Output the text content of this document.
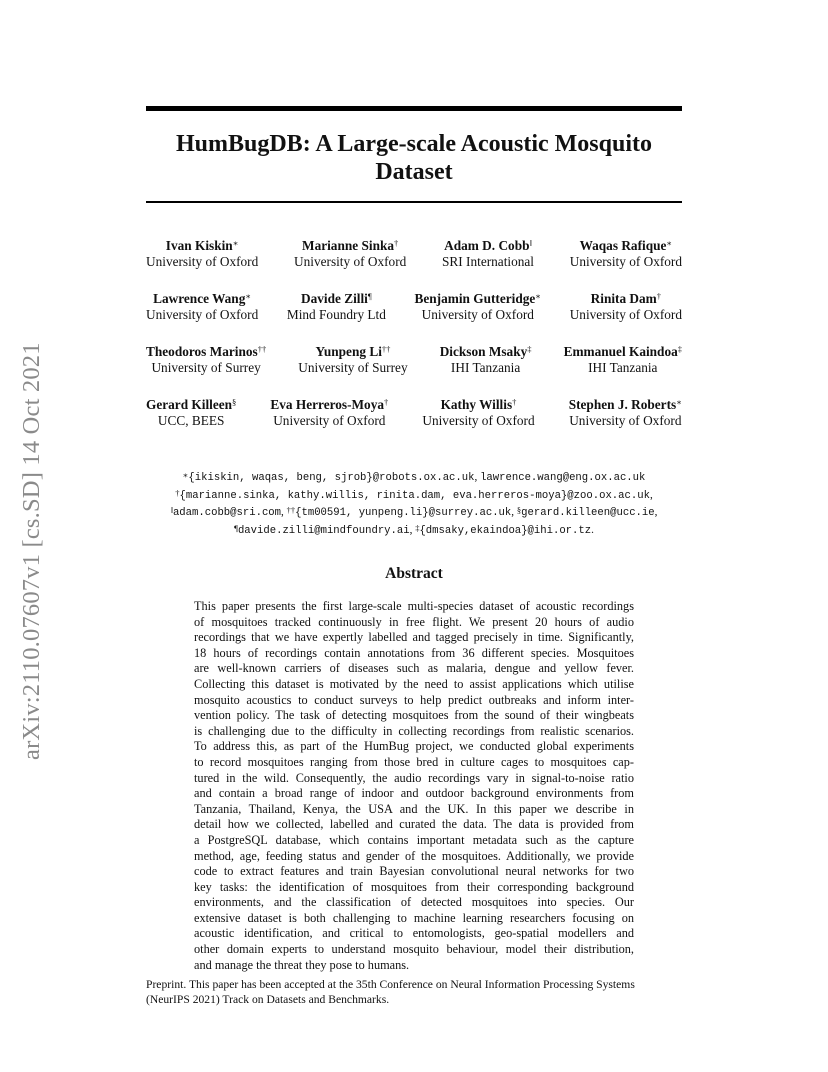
arXiv:2110.07607v1 [cs.SD] 14 Oct 2021
HumBugDB: A Large-scale Acoustic Mosquito Dataset
Ivan Kiskin∗
University of Oxford
Marianne Sinka†
University of Oxford
Adam D. Cobb‖
SRI International
Waqas Rafique∗
University of Oxford
Lawrence Wang∗
University of Oxford
Davide Zilli¶
Mind Foundry Ltd
Benjamin Gutteridge∗
University of Oxford
Rinita Dam†
University of Oxford
Theodoros Marinos††
University of Surrey
Yunpeng Li††
University of Surrey
Dickson Msaky‡
IHI Tanzania
Emmanuel Kaindoa‡
IHI Tanzania
Gerard Killeen§
UCC, BEES
Eva Herreros-Moya†
University of Oxford
Kathy Willis†
University of Oxford
Stephen J. Roberts∗
University of Oxford
∗{ikiskin, waqas, beng, sjrob}@robots.ox.ac.uk, lawrence.wang@eng.ox.ac.uk
†{marianne.sinka, kathy.willis, rinita.dam, eva.herreros-moya}@zoo.ox.ac.uk,
‖adam.cobb@sri.com, ††{tm00591, yunpeng.li}@surrey.ac.uk, §gerard.killeen@ucc.ie,
¶davide.zilli@mindfoundry.ai, ‡{dmsaky,ekaindoa}@ihi.or.tz.
Abstract
This paper presents the first large-scale multi-species dataset of acoustic recordings
of mosquitoes tracked continuously in free flight. We present 20 hours of audio
recordings that we have expertly labelled and tagged precisely in time. Significantly,
18 hours of recordings contain annotations from 36 different species. Mosquitoes
are well-known carriers of diseases such as malaria, dengue and yellow fever.
Collecting this dataset is motivated by the need to assist applications which utilise
mosquito acoustics to conduct surveys to help predict outbreaks and inform inter-
vention policy. The task of detecting mosquitoes from the sound of their wingbeats
is challenging due to the difficulty in collecting recordings from realistic scenarios.
To address this, as part of the HumBug project, we conducted global experiments
to record mosquitoes ranging from those bred in culture cages to mosquitoes cap-
tured in the wild. Consequently, the audio recordings vary in signal-to-noise ratio
and contain a broad range of indoor and outdoor background environments from
Tanzania, Thailand, Kenya, the USA and the UK. In this paper we describe in
detail how we collected, labelled and curated the data. The data is provided from
a PostgreSQL database, which contains important metadata such as the capture
method, age, feeding status and gender of the mosquitoes. Additionally, we provide
code to extract features and train Bayesian convolutional neural networks for two
key tasks: the identification of mosquitoes from their corresponding background
environments, and the classification of detected mosquitoes into species. Our
extensive dataset is both challenging to machine learning researchers focusing on
acoustic identification, and critical to entomologists, geo-spatial modellers and
other domain experts to understand mosquito behaviour, model their distribution,
and manage the threat they pose to humans.
Preprint. This paper has been accepted at the 35th Conference on Neural Information Processing Systems
(NeurIPS 2021) Track on Datasets and Benchmarks.
